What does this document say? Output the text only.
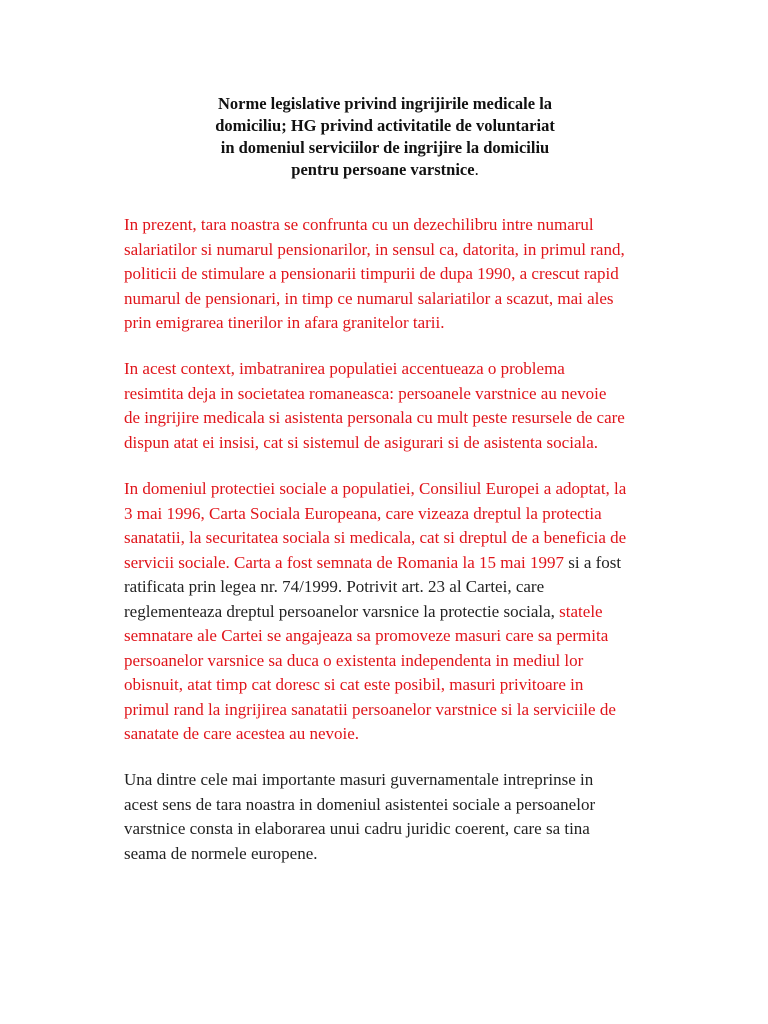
Norme legislative privind ingrijirile medicale la
domiciliu; HG privind activitatile de voluntariat
in domeniul serviciilor de ingrijire la domiciliu
pentru persoane varstnice.
In prezent, tara noastra se confrunta cu un dezechilibru intre numarul
salariatilor si numarul pensionarilor, in sensul ca, datorita, in primul rand,
politicii de stimulare a pensionarii timpurii de dupa 1990, a crescut rapid
numarul de pensionari, in timp ce numarul salariatilor a scazut, mai ales
prin emigrarea tinerilor in afara granitelor tarii.
In acest context, imbatranirea populatiei accentueaza o problema
resimtita deja in societatea romaneasca: persoanele varstnice au nevoie
de ingrijire medicala si asistenta personala cu mult peste resursele de care
dispun atat ei insisi, cat si sistemul de asigurari si de asistenta sociala.
In domeniul protectiei sociale a populatiei, Consiliul Europei a adoptat, la
3 mai 1996, Carta Sociala Europeana, care vizeaza dreptul la protectia
sanatatii, la securitatea sociala si medicala, cat si dreptul de a beneficia de
servicii sociale. Carta a fost semnata de Romania la 15 mai 1997 si a fost
ratificata prin legea nr. 74/1999. Potrivit art. 23 al Cartei, care
reglementeaza dreptul persoanelor varsnice la protectie sociala, statele
semnatare ale Cartei se angajeaza sa promoveze masuri care sa permita
persoanelor varsnice sa duca o existenta independenta in mediul lor
obisnuit, atat timp cat doresc si cat este posibil, masuri privitoare in
primul rand la ingrijirea sanatatii persoanelor varstnice si la serviciile de
sanatate de care acestea au nevoie.
Una dintre cele mai importante masuri guvernamentale intreprinse in
acest sens de tara noastra in domeniul asistentei sociale a persoanelor
varstnice consta in elaborarea unui cadru juridic coerent, care sa tina
seama de normele europene.
